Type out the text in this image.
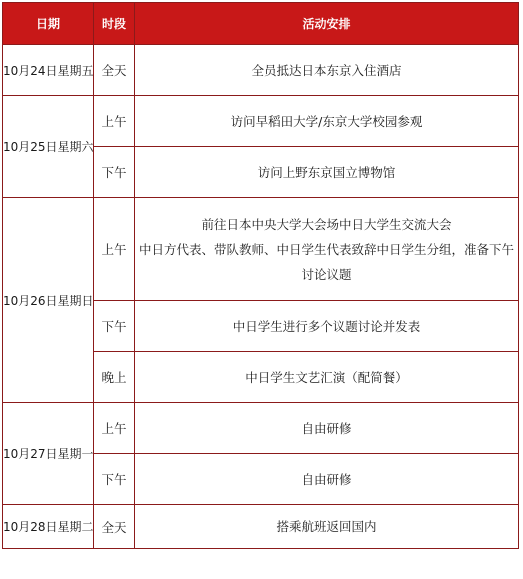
日期	时段	活动安排
10月24日星期五	全天	全员抵达日本东京入住酒店
10月25日星期六	上午	访问早稻田大学/东京大学校园参观
	下午	访问上野东京国立博物馆
10月26日星期日	上午	前往日本中央大学大会场中日大学生交流大会
中日方代表、带队教师、中日学生代表致辞中日学生分组，准备下午
讨论议题

	下午	中日学生进行多个议题讨论并发表
	晚上	中日学生文艺汇演（配简餐）
10月27日星期一	上午	自由研修
	下午	自由研修
10月28日星期二	全天	搭乘航班返回国内
